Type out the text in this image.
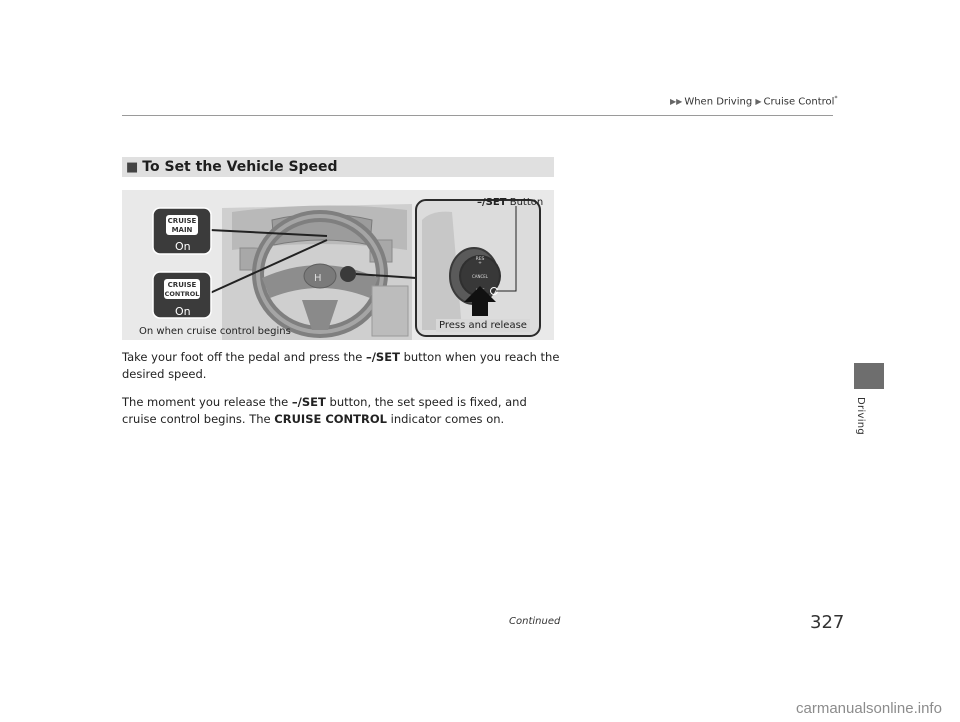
▶▶ When Driving ▶ Cruise Control*
Driving
■ To Set the Vehicle Speed
H
CRUISE
MAIN
CRUISE
CONTROL
RES
+
CANCEL
–/SET Button
On
On
On when cruise control begins
Press and release

Take your foot off the pedal and press the –/SET button when you reach the desired speed.

The moment you release the –/SET button, the set speed is fixed, and cruise control begins. The CRUISE CONTROL indicator comes on.

Continued	327
carmanualsonline.info
